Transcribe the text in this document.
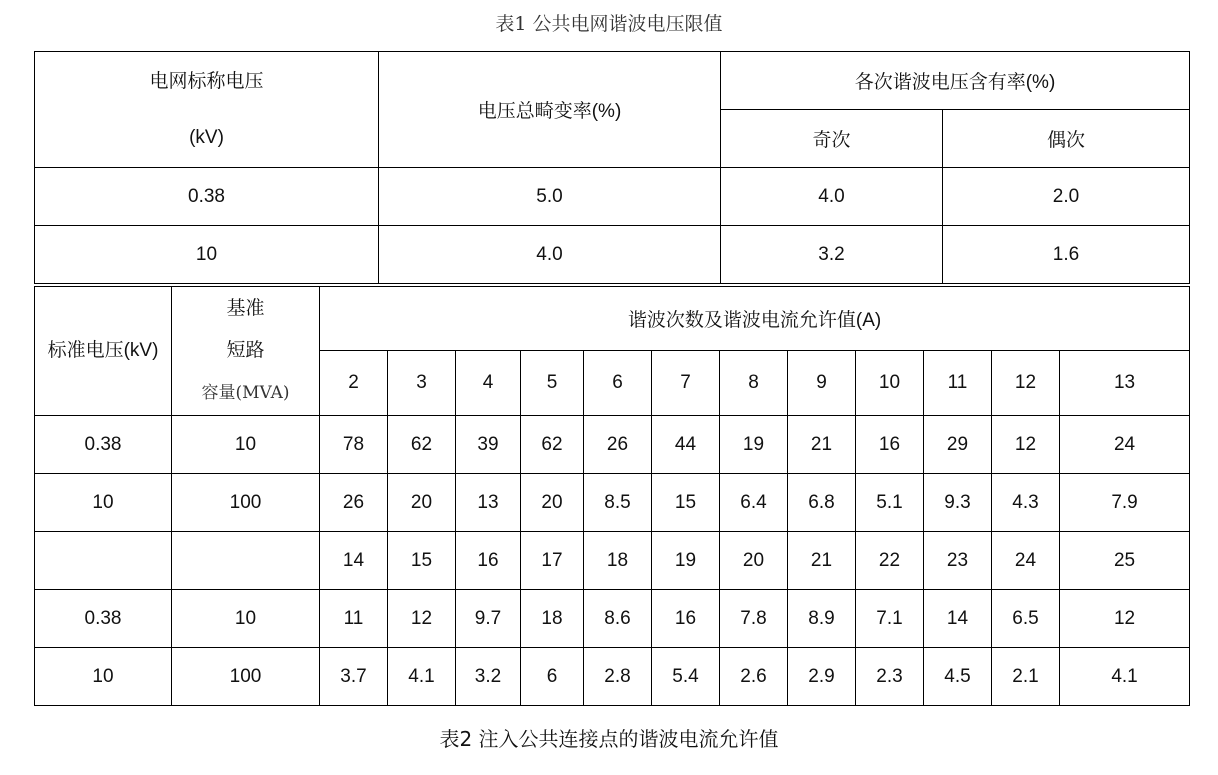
表1 公共电网谐波电压限值
电网标称电压
(kV)	电压总畸变率(%)	各次谐波电压含有率(%)	
		奇次	偶次
0.38	5.0	4.0	2.0
10	4.0	3.2	1.6
标准电压(kV)	基准
短路
容量(MVA)	谐波次数及谐波电流允许值(A)											
		2	3	4	5	6	7	8	9	10	11	12	13
0.38	10	78	62	39	62	26	44	19	21	16	29	12	24
10	100	26	20	13	20	8.5	15	6.4	6.8	5.1	9.3	4.3	7.9
		14	15	16	17	18	19	20	21	22	23	24	25
0.38	10	11	12	9.7	18	8.6	16	7.8	8.9	7.1	14	6.5	12
10	100	3.7	4.1	3.2	6	2.8	5.4	2.6	2.9	2.3	4.5	2.1	4.1
表2 注入公共连接点的谐波电流允许值
